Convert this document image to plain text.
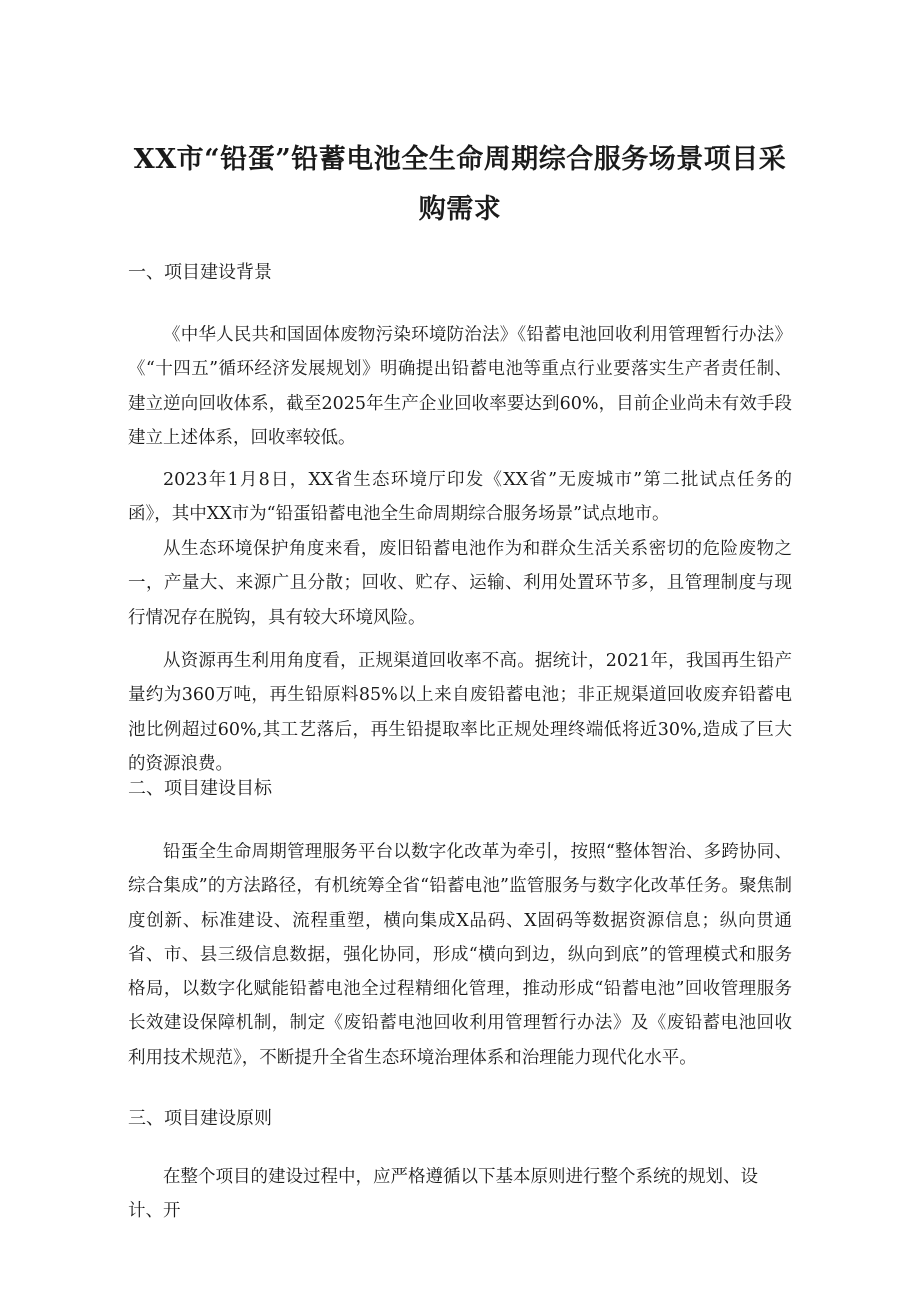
XX市“铅蛋”铅蓄电池全生命周期综合服务场景项目采购需求
一、项目建设背景
《中华人民共和国固体废物污染环境防治法》《铅蓄电池回收利用管理暂行办法》《“十四五”循环经济发展规划》明确提出铅蓄电池等重点行业要落实生产者责任制、建立逆向回收体系，截至2025年生产企业回收率要达到60%，目前企业尚未有效手段建立上述体系，回收率较低。
2023年1月8日，XX省生态环境厅印发《XX省”无废城市”第二批试点任务的函》，其中XX市为“铅蛋铅蓄电池全生命周期综合服务场景”试点地市。
从生态环境保护角度来看，废旧铅蓄电池作为和群众生活关系密切的危险废物之一，产量大、来源广且分散；回收、贮存、运输、利用处置环节多，且管理制度与现行情况存在脱钩，具有较大环境风险。
从资源再生利用角度看，正规渠道回收率不高。据统计，2021年，我国再生铅产量约为360万吨，再生铅原料85%以上来自废铅蓄电池；非正规渠道回收废弃铅蓄电池比例超过60%,其工艺落后，再生铅提取率比正规处理终端低将近30%,造成了巨大的资源浪费。
二、项目建设目标
铅蛋全生命周期管理服务平台以数字化改革为牵引，按照“整体智治、多跨协同、综合集成”的方法路径，有机统筹全省“铅蓄电池”监管服务与数字化改革任务。聚焦制度创新、标准建设、流程重塑，横向集成X品码、X固码等数据资源信息；纵向贯通省、市、县三级信息数据，强化协同，形成“横向到边，纵向到底”的管理模式和服务格局，以数字化赋能铅蓄电池全过程精细化管理，推动形成“铅蓄电池”回收管理服务长效建设保障机制，制定《废铅蓄电池回收利用管理暂行办法》及《废铅蓄电池回收利用技术规范》，不断提升全省生态环境治理体系和治理能力现代化水平。
三、项目建设原则
在整个项目的建设过程中，应严格遵循以下基本原则进行整个系统的规划、设计、开
